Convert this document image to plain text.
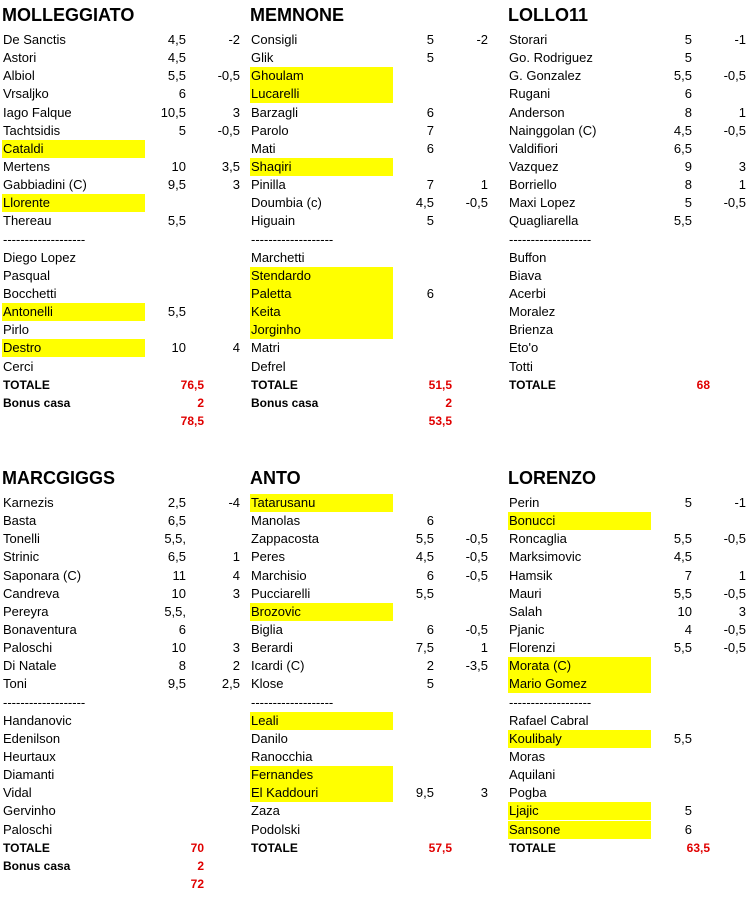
MOLLEGGIATO
De Sanctis	4,5	-2
Astori	4,5
Albiol	5,5 -0,5
Vrsaljko	6
Iago Falque	10,5	3
Tachtsidis	5 -0,5
Cataldi
Mertens	10	3,5
Gabbiadini (C)	9,5	3
Llorente
Thereau	5,5
-------------------
Diego Lopez
Pasqual
Bocchetti
Antonelli	5,5
Pirlo
Destro	10	4
Cerci
TOTALE	76,5
Bonus casa	2
78,5
MEMNONE
Consigli	5	-2
Glik	5
Ghoulam
Lucarelli
Barzagli	6
Parolo	7
Mati	6
Shaqiri
Pinilla	7	1
Doumbia (c)	4,5 -0,5
Higuain	5
-------------------
Marchetti
Stendardo
Paletta	6
Keita
Jorginho
Matri
Defrel
TOTALE	51,5
Bonus casa	2
53,5
LOLLO11
Storari	5	-1
Go. Rodriguez	5
G. Gonzalez	5,5 -0,5
Rugani	6
Anderson	8	1
Nainggolan (C)	4,5 -0,5
Valdifiori	6,5
Vazquez	9	3
Borriello	8	1
Maxi Lopez	5 -0,5
Quagliarella	5,5
-------------------
Buffon
Biava
Acerbi
Moralez
Brienza
Eto'o
Totti
TOTALE	68
MARCGIGGS
Karnezis	2,5	-4
Basta	6,5
Tonelli	5,5,
Strinic	6,5	1
Saponara (C)	11	4
Candreva	10	3
Pereyra	5,5,
Bonaventura	6
Paloschi	10	3
Di Natale	8	2
Toni	9,5	2,5
-------------------
Handanovic
Edenilson
Heurtaux
Diamanti
Vidal
Gervinho
Paloschi
TOTALE	70
Bonus casa	2
72
ANTO
Tatarusanu
Manolas	6
Zappacosta	5,5 -0,5
Peres	4,5 -0,5
Marchisio	6 -0,5
Pucciarelli	5,5
Brozovic
Biglia	6 -0,5
Berardi	7,5	1
Icardi (C)	2 -3,5
Klose	5
-------------------
Leali
Danilo
Ranocchia
Fernandes
El Kaddouri	9,5	3
Zaza
Podolski
TOTALE	57,5
LORENZO
Perin	5	-1
Bonucci
Roncaglia	5,5 -0,5
Marksimovic	4,5
Hamsik	7	1
Mauri	5,5 -0,5
Salah	10	3
Pjanic	4 -0,5
Florenzi	5,5 -0,5
Morata (C)
Mario Gomez
-------------------
Rafael Cabral
Koulibaly	5,5
Moras
Aquilani
Pogba
Ljajic	5
Sansone	6
TOTALE	63,5
